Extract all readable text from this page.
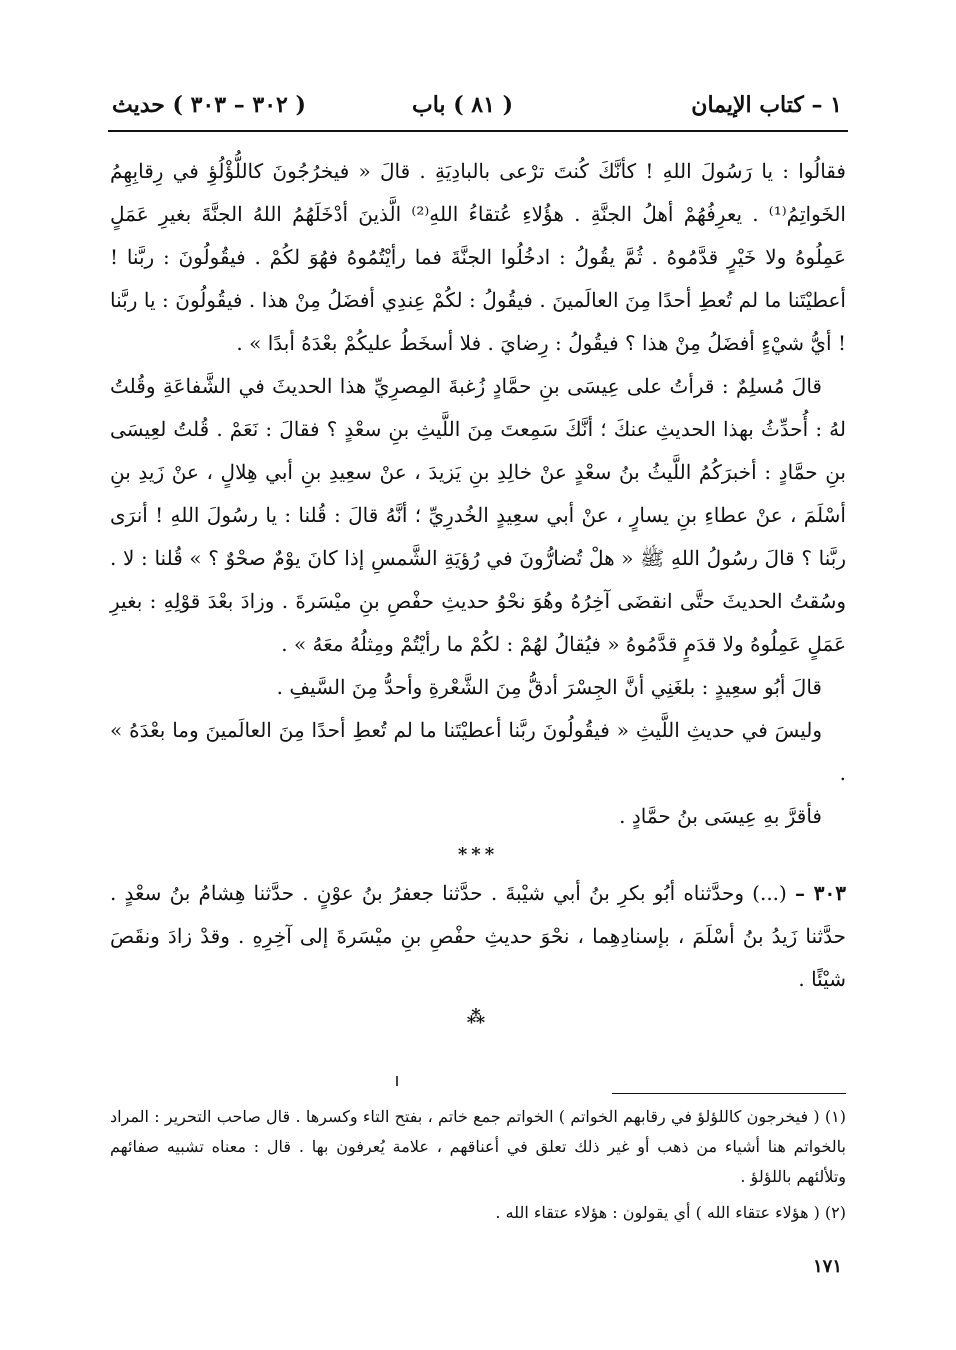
١ – كتاب الإيمان
( ٨١ ) باب
( ٣٠٢ – ٣٠٣ ) حديث

فقالُوا : يا رَسُولَ اللهِ ! كأنَّكَ كُنتَ ترْعى بالبادِيَةِ . قالَ « فيخرُجُونَ كاللُّؤْلُؤِ في رِقابِهِمُ الخَواتِمُ⁽¹⁾ . يعرِفُهُمْ أهلُ الجنَّةِ . هؤُلاءِ عُتقاءُ اللهِ⁽²⁾ الَّذينَ أدْخَلَهُمُ اللهُ الجنَّةَ بغيرِ عَمَلٍ عَمِلُوهُ ولا خَيْرٍ قدَّمُوهُ . ثُمَّ يقُولُ : ادخُلُوا الجنَّةَ فما رأيْتُمُوهُ فهُوَ لكُمْ . فيقُولُونَ : ربَّنا ! أعطيْتَنا ما لم تُعطِ أحدًا مِنَ العالَمينَ . فيقُولُ : لكُمْ عِندِي أفضَلُ مِنْ هذا . فيقُولُونَ : يا ربَّنا ! أيُّ شيْءٍ أفضَلُ مِنْ هذا ؟ فيقُولُ : رِضايَ . فلا أسخَطُ عليكُمْ بعْدَهُ أبدًا » .

قالَ مُسلِمٌ : قرأتُ على عِيسَى بنِ حمَّادٍ زُغبةَ المِصرِيِّ هذا الحديثَ في الشَّفاعَةِ وقُلتُ لهُ : أُحدِّثُ بهذا الحديثِ عنكَ ؛ أنَّكَ سَمِعتَ مِنَ اللَّيثِ بنِ سعْدٍ ؟ فقالَ : نَعَمْ . قُلتُ لعِيسَى بنِ حمَّادٍ : أخبرَكُمُ اللَّيثُ بنُ سعْدٍ عنْ خالِدِ بنِ يَزيدَ ، عنْ سعِيدِ بنِ أبي هِلالٍ ، عنْ زَيدِ بنِ أسْلَمَ ، عنْ عطاءِ بنِ يسارٍ ، عنْ أبي سعِيدٍ الخُدرِيِّ ؛ أنَّهُ قالَ : قُلنا : يا رسُولَ اللهِ ! أنرَى ربَّنا ؟ قالَ رسُولُ اللهِ ﷺ « هلْ تُضارُّونَ في رُؤيَةِ الشَّمسِ إذا كانَ يوْمٌ صحْوٌ ؟ » قُلنا : لا . وسُقتُ الحديثَ حتَّى انقضَى آخِرُهُ وهُوَ نحْوُ حديثِ حفْصِ بنِ ميْسَرةَ . وزادَ بعْدَ قوْلِهِ : بغيرِ عَمَلٍ عَمِلُوهُ ولا قدَمٍ قدَّمُوهُ « فيُقالُ لهُمْ : لكُمْ ما رأيْتُمْ ومِثلُهُ معَهُ » .

قالَ أبُو سعِيدٍ : بلغَنِي أنَّ الجِسْرَ أدقُّ مِنَ الشَّعْرةِ وأحدُّ مِنَ السَّيفِ .

وليسَ في حديثِ اللَّيثِ « فيقُولُونَ ربَّنا أعطيْتَنا ما لم تُعطِ أحدًا مِنَ العالَمينَ وما بعْدَهُ » .

فأقرَّ بهِ عِيسَى بنُ حمَّادٍ .

***

٣٠٣ – (...) وحدَّثناه أبُو بكرِ بنُ أبي شيْبةَ . حدَّثنا جعفرُ بنُ عوْنٍ . حدَّثنا هِشامُ بنُ سعْدٍ . حدَّثنا زَيدُ بنُ أسْلَمَ ، بإسنادِهِما ، نحْوَ حديثِ حفْصِ بنِ ميْسَرةَ إلى آخِرِهِ . وقدْ زادَ ونقَصَ شيْئًا .

⁂

(١) ( فيخرجون كاللؤلؤ في رقابهم الخواتم ) الخواتم جمع خاتم ، بفتح التاء وكسرها . قال صاحب التحرير : المراد بالخواتم هنا أشياء من ذهب أو غير ذلك تعلق في أعناقهم ، علامة يُعرفون بها . قال : معناه تشبيه صفائهم وتلألئهم باللؤلؤ .

(٢) ( هؤلاء عتقاء الله ) أي يقولون : هؤلاء عتقاء الله .

١٧١
